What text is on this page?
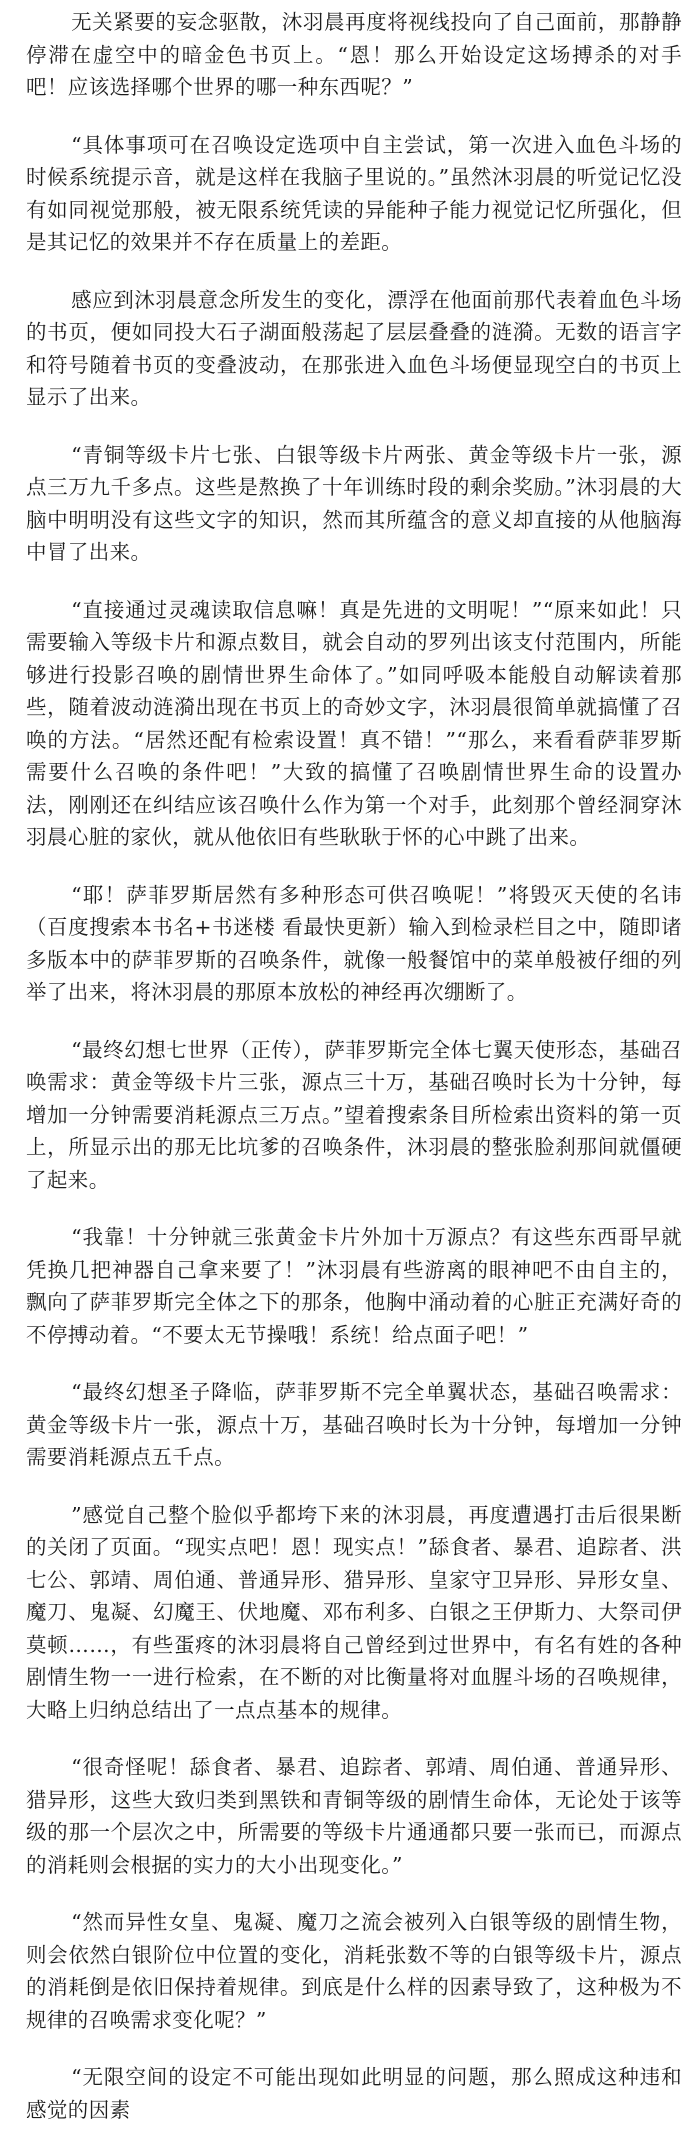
无关紧要的妄念驱散，沐羽晨再度将视线投向了自己面前，那静静停滞在虚空中的暗金色书页上。“恩！那么开始设定这场搏杀的对手吧！应该选择哪个世界的哪一种东西呢？”

“具体事项可在召唤设定选项中自主尝试，第一次进入血色斗场的时候系统提示音，就是这样在我脑子里说的。”虽然沐羽晨的听觉记忆没有如同视觉那般，被无限系统凭读的异能种子能力视觉记忆所强化，但是其记忆的效果并不存在质量上的差距。

感应到沐羽晨意念所发生的变化，漂浮在他面前那代表着血色斗场的书页，便如同投大石子湖面般荡起了层层叠叠的涟漪。无数的语言字和符号随着书页的变叠波动，在那张进入血色斗场便显现空白的书页上显示了出来。

“青铜等级卡片七张、白银等级卡片两张、黄金等级卡片一张，源点三万九千多点。这些是熬换了十年训练时段的剩余奖励。”沐羽晨的大脑中明明没有这些文字的知识，然而其所蕴含的意义却直接的从他脑海中冒了出来。

“直接通过灵魂读取信息嘛！真是先进的文明呢！”“原来如此！只需要输入等级卡片和源点数目，就会自动的罗列出该支付范围内，所能够进行投影召唤的剧情世界生命体了。”如同呼吸本能般自动解读着那些，随着波动涟漪出现在书页上的奇妙文字，沐羽晨很简单就搞懂了召唤的方法。“居然还配有检索设置！真不错！”“那么，来看看萨菲罗斯需要什么召唤的条件吧！”大致的搞懂了召唤剧情世界生命的设置办法，刚刚还在纠结应该召唤什么作为第一个对手，此刻那个曾经洞穿沐羽晨心脏的家伙，就从他依旧有些耿耿于怀的心中跳了出来。

“耶！萨菲罗斯居然有多种形态可供召唤呢！”将毁灭天使的名讳（百度搜索本书名+书迷楼 看最快更新）输入到检录栏目之中，随即诸多版本中的萨菲罗斯的召唤条件，就像一般餐馆中的菜单般被仔细的列举了出来，将沐羽晨的那原本放松的神经再次绷断了。

“最终幻想七世界（正传），萨菲罗斯完全体七翼天使形态，基础召唤需求：黄金等级卡片三张，源点三十万，基础召唤时长为十分钟，每增加一分钟需要消耗源点三万点。”望着搜索条目所检索出资料的第一页上，所显示出的那无比坑爹的召唤条件，沐羽晨的整张脸刹那间就僵硬了起来。

“我靠！十分钟就三张黄金卡片外加十万源点？有这些东西哥早就凭换几把神器自己拿来要了！”沐羽晨有些游离的眼神吧不由自主的，飘向了萨菲罗斯完全体之下的那条，他胸中涌动着的心脏正充满好奇的不停搏动着。“不要太无节操哦！系统！给点面子吧！”

“最终幻想圣子降临，萨菲罗斯不完全单翼状态，基础召唤需求：黄金等级卡片一张，源点十万，基础召唤时长为十分钟，每增加一分钟需要消耗源点五千点。

”感觉自己整个脸似乎都垮下来的沐羽晨，再度遭遇打击后很果断的关闭了页面。“现实点吧！恩！现实点！”舔食者、暴君、追踪者、洪七公、郭靖、周伯通、普通异形、猎异形、皇家守卫异形、异形女皇、魔刀、鬼凝、幻魔王、伏地魔、邓布利多、白银之王伊斯力、大祭司伊莫顿……，有些蛋疼的沐羽晨将自己曾经到过世界中，有名有姓的各种剧情生物一一进行检索，在不断的对比衡量将对血腥斗场的召唤规律，大略上归纳总结出了一点点基本的规律。

“很奇怪呢！舔食者、暴君、追踪者、郭靖、周伯通、普通异形、猎异形，这些大致归类到黑铁和青铜等级的剧情生命体，无论处于该等级的那一个层次之中，所需要的等级卡片通通都只要一张而已，而源点的消耗则会根据的实力的大小出现变化。”

“然而异性女皇、鬼凝、魔刀之流会被列入白银等级的剧情生物，则会依然白银阶位中位置的变化，消耗张数不等的白银等级卡片，源点的消耗倒是依旧保持着规律。到底是什么样的因素导致了，这种极为不规律的召唤需求变化呢？”

“无限空间的设定不可能出现如此明显的问题，那么照成这种违和感觉的因素
